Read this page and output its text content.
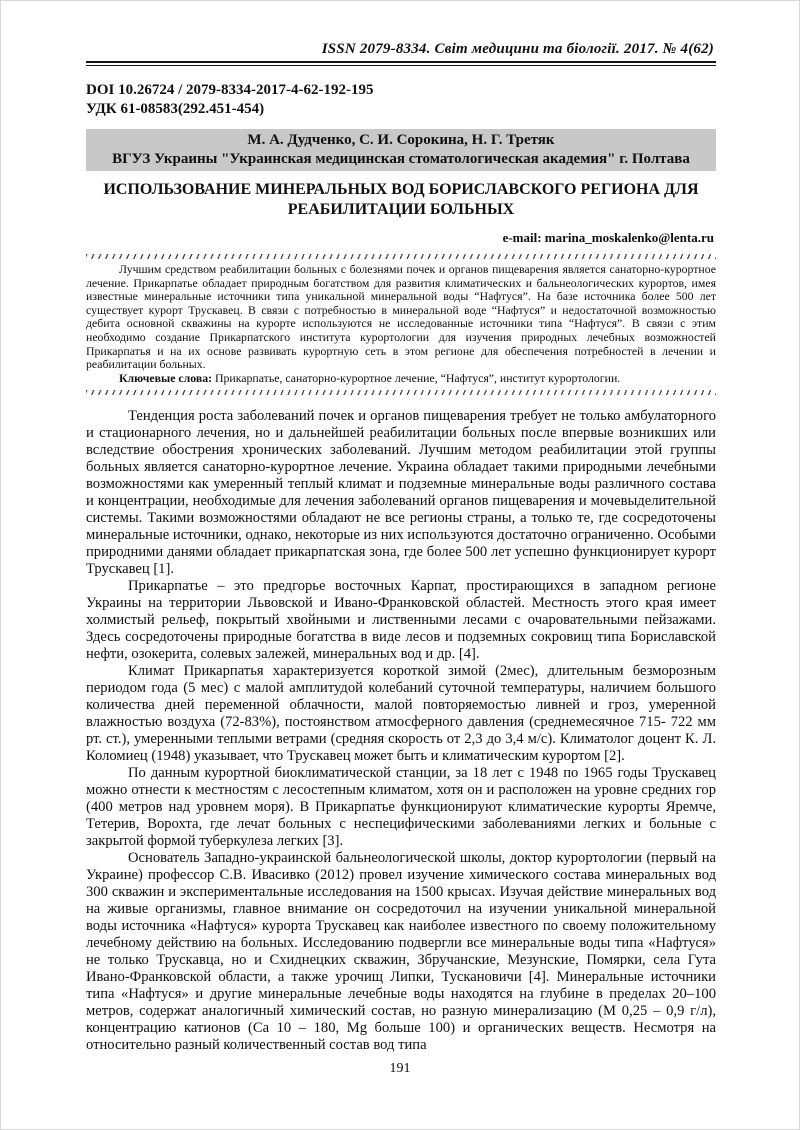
ISSN 2079-8334. Світ медицини та біології. 2017. № 4(62)
DOI 10.26724 / 2079-8334-2017-4-62-192-195
УДК 61-08583(292.451-454)
М. А. Дудченко, С. И. Сорокина, Н. Г. Третяк
ВГУЗ Украины "Украинская медицинская стоматологическая академия" г. Полтава
ИСПОЛЬЗОВАНИЕ МИНЕРАЛЬНЫХ ВОД БОРИСЛАВСКОГО РЕГИОНА ДЛЯ РЕАБИЛИТАЦИИ БОЛЬНЫХ
e-mail: marina_moskalenko@lenta.ru

Лучшим средством реабилитации больных с болезнями почек и органов пищеварения является санаторно-курортное лечение. Прикарпатье обладает природным богатством для развития климатических и бальнеологических курортов, имея известные минеральные источники типа уникальной минеральной воды “Нафтуся”. На базе источника более 500 лет существует курорт Трускавец. В связи с потребностью в минеральной воде “Нафтуся” и недостаточной возможностью дебита основной скважины на курорте используются не исследованные источники типа “Нафтуся”. В связи с этим необходимо создание Прикарпатского института курортологии для изучения природных лечебных возможностей Прикарпатья и на их основе развивать курортную сеть в этом регионе для обеспечения потребностей в лечении и реабилитации больных.

Ключевые слова: Прикарпатье, санаторно-курортное лечение, “Нафтуся”, институт курортологии.

Тенденция роста заболеваний почек и органов пищеварения требует не только амбулаторного и стационарного лечения, но и дальнейшей реабилитации больных после впервые возникших или вследствие обострения хронических заболеваний. Лучшим методом реабилитации этой группы больных является санаторно-курортное лечение. Украина обладает такими природными лечебными возможностями как умеренный теплый климат и подземные минеральные воды различного состава и концентрации, необходимые для лечения заболеваний органов пищеварения и мочевыделительной системы. Такими возможностями обладают не все регионы страны, а только те, где сосредоточены минеральные источники, однако, некоторые из них используются достаточно ограниченно. Особыми природними данями обладает прикарпатская зона, где более 500 лет успешно функционирует курорт Трускавец [1].

Прикарпатье – это предгорье восточных Карпат, простирающихся в западном регионе Украины на территории Львовской и Ивано-Франковской областей. Местность этого края имеет холмистый рельеф, покрытый хвойными и лиственными лесами с очаровательными пейзажами. Здесь сосредоточены природные богатства в виде лесов и подземных сокровищ типа Бориславской нефти, озокерита, солевых залежей, минеральных вод и др. [4].

Климат Прикарпатья характеризуется короткой зимой (2мес), длительным безморозным периодом года (5 мес) с малой амплитудой колебаний суточной температуры, наличием большого количества дней переменной облачности, малой повторяемостью ливней и гроз, умеренной влажностью воздуха (72-83%), постоянством атмосферного давления (среднемесячное 715- 722 мм рт. ст.), умеренными теплыми ветрами (средняя скорость от 2,3 до 3,4 м/с). Климатолог доцент К. Л. Коломиец (1948) указывает, что Трускавец может быть и климатическим курортом [2].

По данным курортной биоклиматической станции, за 18 лет с 1948 по 1965 годы Трускавец можно отнести к местностям с лесостепным климатом, хотя он и расположен на уровне средних гор (400 метров над уровнем моря). В Прикарпатье функционируют климатические курорты Яремче, Тетерив, Ворохта, где лечат больных с неспецифическими заболеваниями легких и больные с закрытой формой туберкулеза легких [3].

Основатель Западно-украинской бальнеологической школы, доктор курортологии (первый на Украине) профессор С.В. Ивасивко (2012) провел изучение химического состава минеральных вод 300 скважин и экспериментальные исследования на 1500 крысах. Изучая действие минеральных вод на живые организмы, главное внимание он сосредоточил на изучении уникальной минеральной воды источника «Нафтуся» курорта Трускавец как наиболее известного по своему положительному лечебному действию на больных. Исследованию подвергли все минеральные воды типа «Нафтуся» не только Трускавца, но и Схиднецких скважин, Збручанские, Мезунские, Помярки, села Гута Ивано-Франковской области, а также урочищ Липки, Тускановичи [4]. Минеральные источники типа «Нафтуся» и другие минеральные лечебные воды находятся на глубине в пределах 20–100 метров, содержат аналогичный химический состав, но разную минерализацию (М 0,25 – 0,9 г/л), концентрацию катионов (Са 10 – 180, Mg больше 100) и органических веществ. Несмотря на относительно разный количественный состав вод типа

191
